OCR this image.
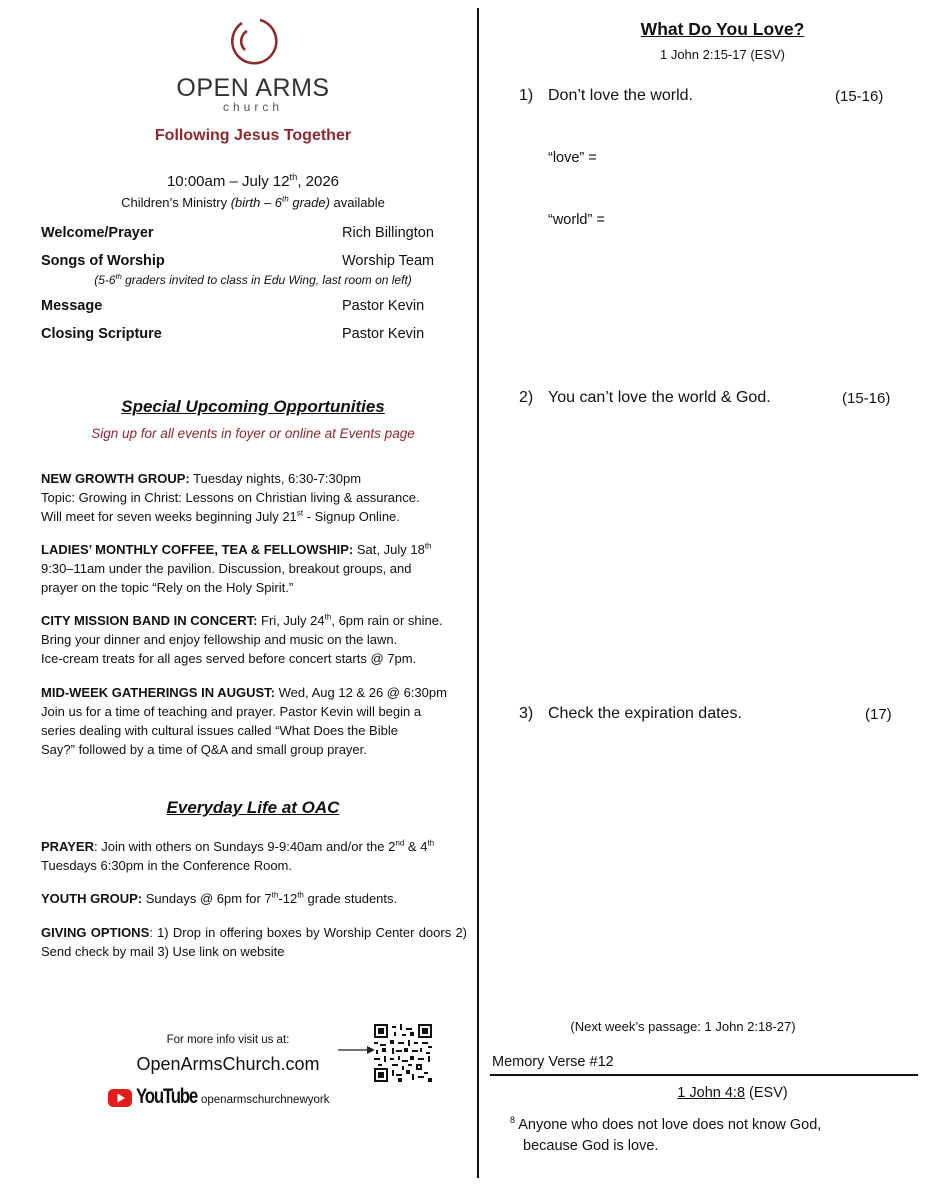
OPEN ARMS
church
Following Jesus Together
10:00am – July 12th, 2026
Children’s Ministry (birth – 6th grade) available
Welcome/Prayer	Rich Billington
Songs of Worship	Worship Team
(5-6th graders invited to class in Edu Wing, last room on left)
Message	Pastor Kevin
Closing Scripture	Pastor Kevin
Special Upcoming Opportunities
Sign up for all events in foyer or online at Events page
NEW GROWTH GROUP: Tuesday nights, 6:30-7:30pm
Topic: Growing in Christ: Lessons on Christian living & assurance.
Will meet for seven weeks beginning July 21st - Signup Online.
LADIES’ MONTHLY COFFEE, TEA & FELLOWSHIP: Sat, July 18th
9:30–11am under the pavilion. Discussion, breakout groups, and
prayer on the topic “Rely on the Holy Spirit.”
CITY MISSION BAND IN CONCERT: Fri, July 24th, 6pm rain or shine.
Bring your dinner and enjoy fellowship and music on the lawn.
Ice-cream treats for all ages served before concert starts @ 7pm.
MID-WEEK GATHERINGS IN AUGUST: Wed, Aug 12 & 26 @ 6:30pm
Join us for a time of teaching and prayer. Pastor Kevin will begin a
series dealing with cultural issues called “What Does the Bible
Say?” followed by a time of Q&A and small group prayer.
Everyday Life at OAC
PRAYER: Join with others on Sundays 9-9:40am and/or the 2nd & 4th
Tuesdays 6:30pm in the Conference Room.
YOUTH GROUP: Sundays @ 6pm for 7th-12th grade students.
GIVING OPTIONS: 1) Drop in offering boxes by Worship Center doors 2) Send check by mail 3) Use link on website
For more info visit us at:
OpenArmsChurch.com
YouTube openarmschurchnewyork
What Do You Love?
1 John 2:15-17 (ESV)
1) Don’t love the world.	(15-16)
“love” =
“world” =
2) You can’t love the world & God.	(15-16)
3) Check the expiration dates.	(17)
(Next week’s passage: 1 John 2:18-27)
Memory Verse #12
1 John 4:8 (ESV)
$^8$ Anyone who does not love does not know God,
because God is love.
